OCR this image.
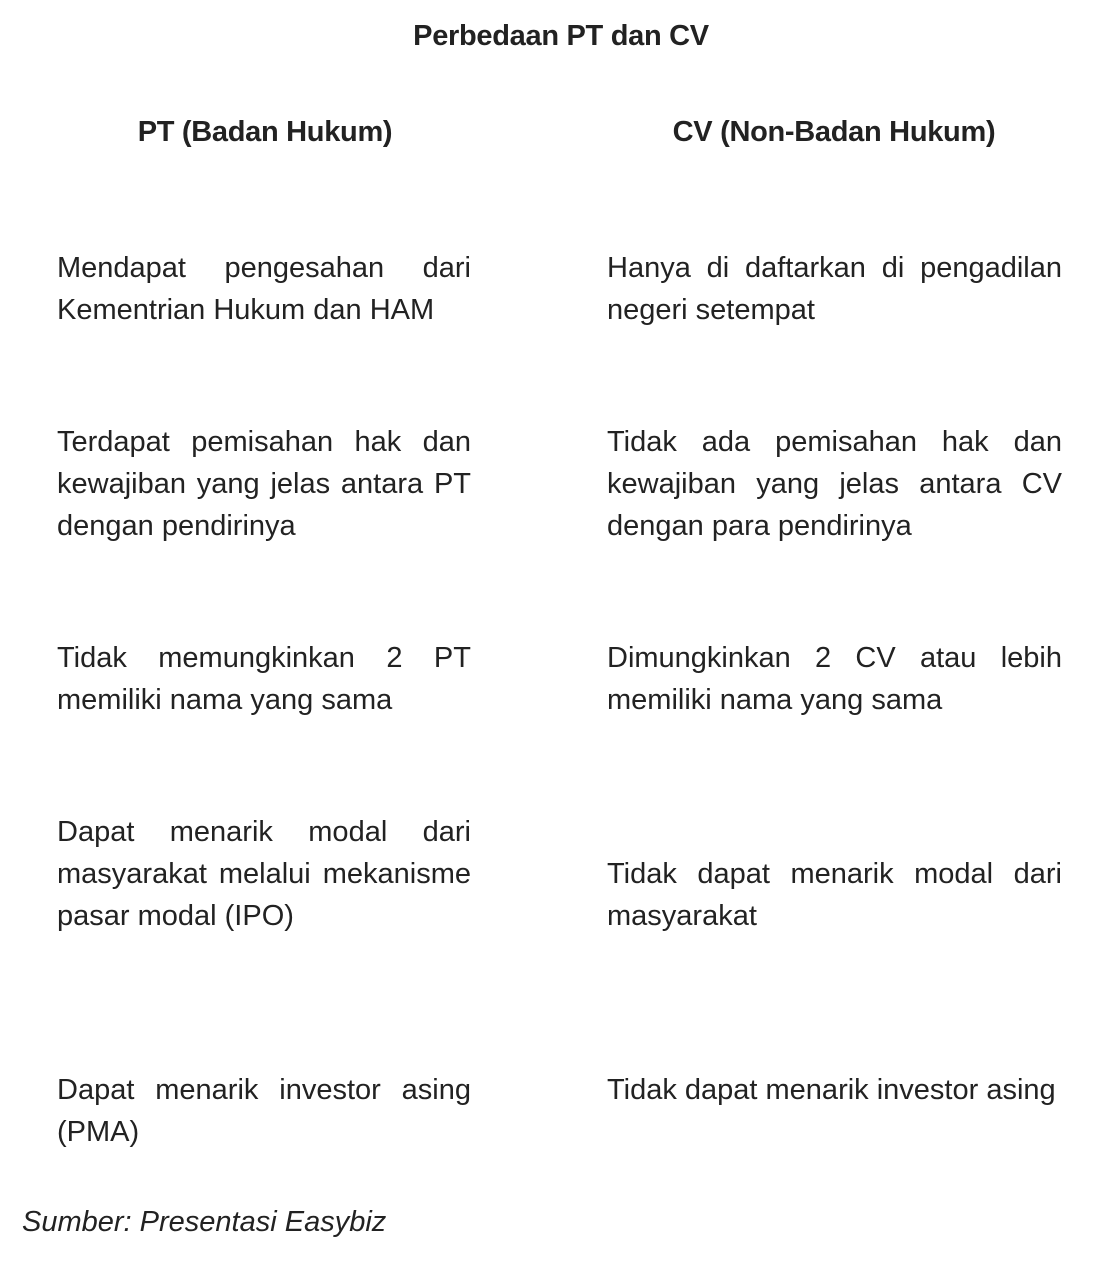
Perbedaan PT dan CV
PT (Badan Hukum)	CV (Non-Badan Hukum)
Mendapat pengesahan dari Kementrian Hukum dan HAM
Hanya di daftarkan di pengadilan negeri setempat
Terdapat pemisahan hak dan kewajiban yang jelas antara PT dengan pendirinya
Tidak ada pemisahan hak dan kewajiban yang jelas antara CV dengan para pendirinya
Tidak memungkinkan 2 PT memiliki nama yang sama
Dimungkinkan 2 CV atau lebih memiliki nama yang sama
Dapat menarik modal dari masyarakat melalui mekanisme pasar modal (IPO)
Tidak dapat menarik modal dari masyarakat
Dapat menarik investor asing (PMA)
Tidak dapat menarik investor asing
Sumber: Presentasi Easybiz
